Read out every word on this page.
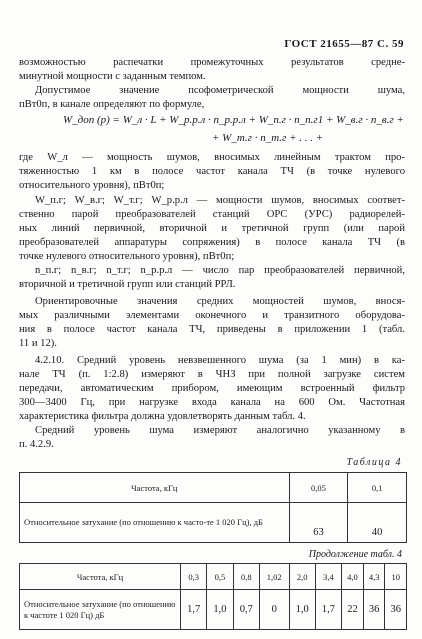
ГОСТ 21655—87 С. 59
возможностью распечатки промежуточных результатов средне-
минутной мощности с заданным темпом.
Допустимое значение псофометрической мощности шума,
пВт0п, в канале определяют по формуле,
W_доп (p) = W_л · L + W_р.р.л · n_р.р.л + W_п.г · n_п.г1 + W_в.г · n_в.г +
+ W_т.г · n_т.г + . . . +
где W_л — мощность шумов, вносимых линейным трактом про-
тяженностью 1 км в полосе частот канала ТЧ (в точке нулевого
относительного уровня), пВт0п;
W_п.г; W_в.г; W_т.г; W_р.р.л — мощности шумов, вносимых соответ-
ственно парой преобразователей станций ОРС (УРС) радиорелей-
ных линий первичной, вторичной и третичной групп (или парой
преобразователей аппаратуры сопряжения) в полосе канала ТЧ (в
точке нулевого относительного уровня), пВт0п;
n_п.г; n_в.г; n_т.г; n_р.р.л — число пар преобразователей первичной,
вторичной и третичной групп или станций РРЛ.
Ориентировочные значения средних мощностей шумов, внося-
мых различными элементами оконечного и транзитного оборудова-
ния в полосе частот канала ТЧ, приведены в приложении 1 (табл.
11 и 12).
4.2.10. Средний уровень невзвешенного шума (за 1 мин) в ка-
нале ТЧ (п. 1:2.8) измеряют в ЧНЗ при полной загрузке систем
передачи, автоматическим прибором, имеющим встроенный фильтр
300—3400 Гц, при нагрузке входа канала на 600 Ом. Частотная
характеристика фильтра должна удовлетворять данным табл. 4.
Средний уровень шума измеряют аналогично указанному в
п. 4.2.9.
Таблица 4
Частота, кГц	0,05	0,1
Относительное затухание (по отношению к часто-те 1 020 Гц), дБ	63	40
Продолжение табл. 4
Частота, кГц	0,3	0,5	0,8	1,02	2,0	3,4	4,0	4,3	10
Относительное затухание (по отношению к частоте 1 020 Гц) дБ	1,7	1,0	0,7	0	1,0	1,7	22	36	36
